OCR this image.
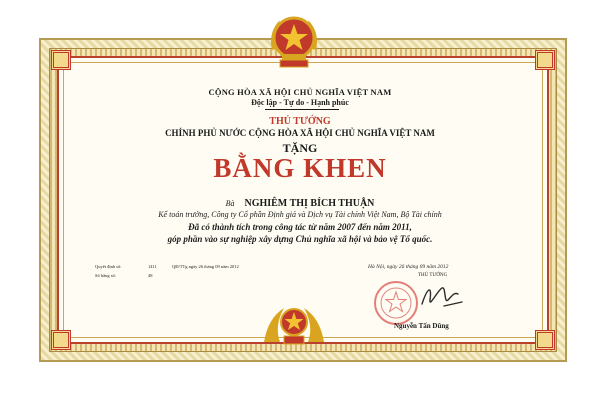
CỘNG HÒA XÃ HỘI CHỦ NGHĨA VIỆT NAM
Độc lập - Tự do - Hạnh phúc
THỦ TƯỚNG
CHÍNH PHỦ NƯỚC CỘNG HÒA XÃ HỘI CHỦ NGHĨA VIỆT NAM
TẶNG
BẰNG KHEN
Bà NGHIÊM THỊ BÍCH THUẬN
Kế toán trưởng, Công ty Cổ phần Định giá và Dịch vụ Tài chính Việt Nam, Bộ Tài chính
Đã có thành tích trong công tác từ năm 2007 đến năm 2011,
góp phần vào sự nghiệp xây dựng Chủ nghĩa xã hội và bảo vệ Tổ quốc.
Quyết định số:	1411	QĐ/TTg ngày 26 tháng 09 năm 2012
Sổ bằng số:	48
Hà Nội, ngày 26 tháng 09 năm 2012
THỦ TƯỚNG
Nguyễn Tấn Dũng
